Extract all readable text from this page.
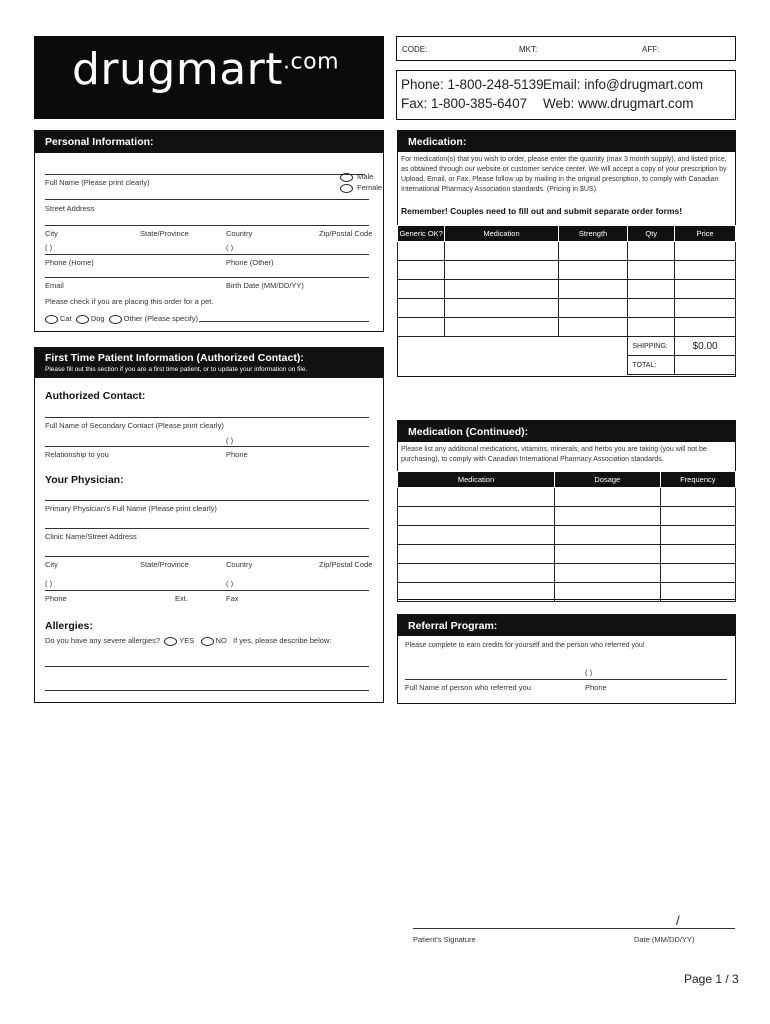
drugmart$^{.com}$	CODE:	MKT:	AFF:
Phone: 1-800-248-5139
Fax: 1-800-385-6407
Email: info@drugmart.com
Web: www.drugmart.com
Personal Information:
Full Name (Please print clearly)
Male
Female
Street Address
City	State/Province	Country	Zip/Postal Code
( )	( )
Phone (Home)	Phone (Other)
Email	Birth Date (MM/DD/YY)
Please check if you are placing this order for a pet.
Cat	Dog	Other (Please specify)
First Time Patient Information (Authorized Contact):
Please fill out this section if you are a first time patient, or to update your information on file.
Authorized Contact:
Full Name of Secondary Contact (Please print clearly)
( )
Relationship to you	Phone
Your Physician:
Primary Physician's Full Name (Please print clearly)
Clinic Name/Street Address
City	State/Province	Country	Zip/Postal Code
( )	( )
Phone	Ext.	Fax
Allergies:
Do you have any severe allergies?	YES	NO If yes, please describe below:
Medication:
For medication(s) that you wish to order, please enter the quantity (max 3 month supply), and listed price, as obtained through our website or customer service center. We will accept a copy of your prescription by Upload, Email, or Fax. Please follow up by mailing in the original prescription, to comply with Canadian International Pharmacy Association standards. (Pricing in $US).
Remember! Couples need to fill out and submit separate order forms!
Generic OK?	Medication	Strength	Qty	Price

			SHIPPING:	$0.00
			TOTAL:	
Medication (Continued):
Please list any additional medications, vitamins, minerals, and herbs you are taking (you will not be purchasing), to comply with Canadian International Pharmacy Association standards.
Medication	Dosage	Frequency

Referral Program:
Please complete to earn credits for yourself and the person who referred you!
( )
Full Name of person who referred you	Phone
/
Patient's Signature	Date (MM/DD/YY)
Page 1 / 3
